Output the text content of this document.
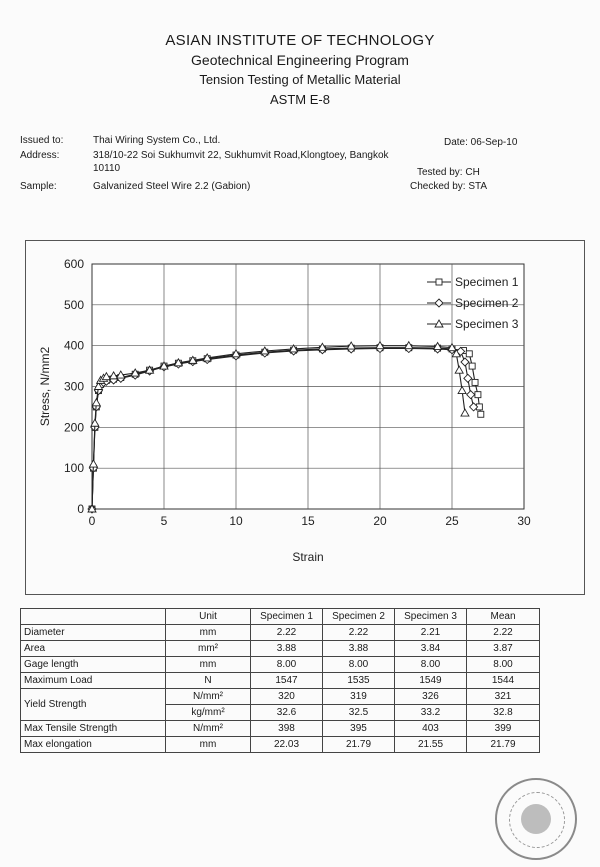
ASIAN INSTITUTE OF TECHNOLOGY
Geotechnical Engineering Program
Tension Testing of Metallic Material
ASTM E-8
Issued to:	Thai Wiring System Co., Ltd.
Address:	318/10-22 Soi Sukhumvit 22, Sukhumvit Road,Klongtoey, Bangkok
10110
Sample:	Galvanized Steel Wire 2.2 (Gabion)
Date: 06-Sep-10
Tested by: CH
Checked by: STA
0	5	10	15	20	25	30
0
100
200
300
400
500
600
Strain
Stress, N/mm2
Specimen 1
Specimen 2
Specimen 3
	Unit	Specimen 1	Specimen 2	Specimen 3	Mean
Diameter	mm	2.22	2.22	2.21	2.22
Area	mm²	3.88	3.88	3.84	3.87
Gage length	mm	8.00	8.00	8.00	8.00
Maximum Load	N	1547	1535	1549	1544
Yield Strength	N/mm²	320	319	326	321
	kg/mm²	32.6	32.5	33.2	32.8
Max Tensile Strength	N/mm²	398	395	403	399
Max elongation	mm	22.03	21.79	21.55	21.79
